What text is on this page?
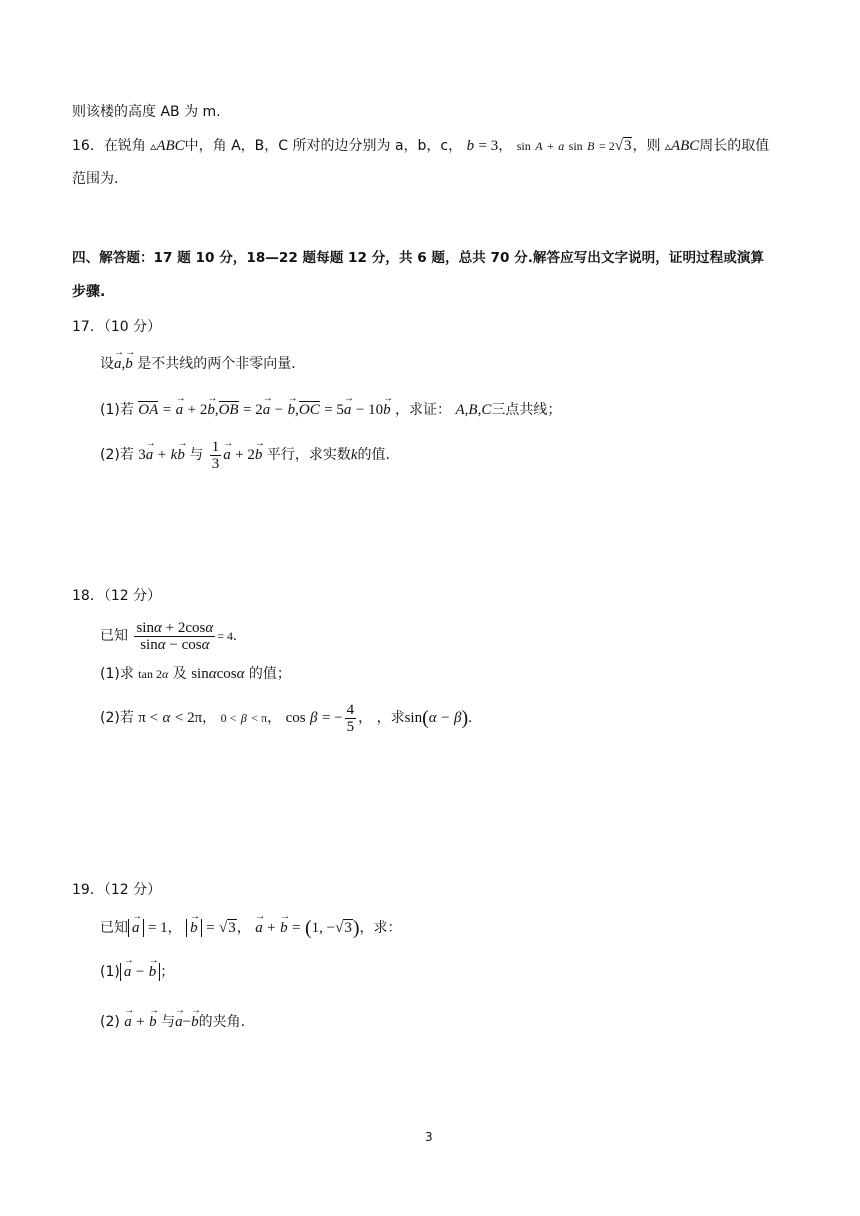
则该楼的高度 AB 为 m.
16．在锐角 ▵ABC中，角 A，B，C 所对的边分别为 a，b，c， b = 3， sin A + a sin B = 2√3，则 ▵ABC周长的取值
范围为.
四、解答题：17 题 10 分，18—22 题每题 12 分，共 6 题，总共 70 分.解答应写出文字说明，证明过程或演算
步骤.
17．（10 分）
设→ a,→ b 是不共线的两个非零向量.
(1)若 OA = → a + 2→ b,OB = 2→ a − → b,OC = 5→ a − 10→ b ，求证： A,B,C三点共线；
(2)若 3→ a + k→ b 与 $\frac{1}{3}$
→ a + 2→ b 平行，求实数k的值.
18．（12 分）
已知 $\frac{\sin\alpha + 2\cos\alpha}{\sin\alpha - \cos\alpha} = 4$.
(1)求 tan 2α 及 sinαcosα 的值；
(2)若 π < α < 2π， 0 < β < π， cos β = − $\frac{4}{5}$ ， ，求sin(α − β).
19．（12 分）
已知→ a = 1， → b = √3， → a + → b = (1, −√3)，求：
(1)→ a − → b ；
(2) → a + → b 与→ a−→ b的夹角.
3
